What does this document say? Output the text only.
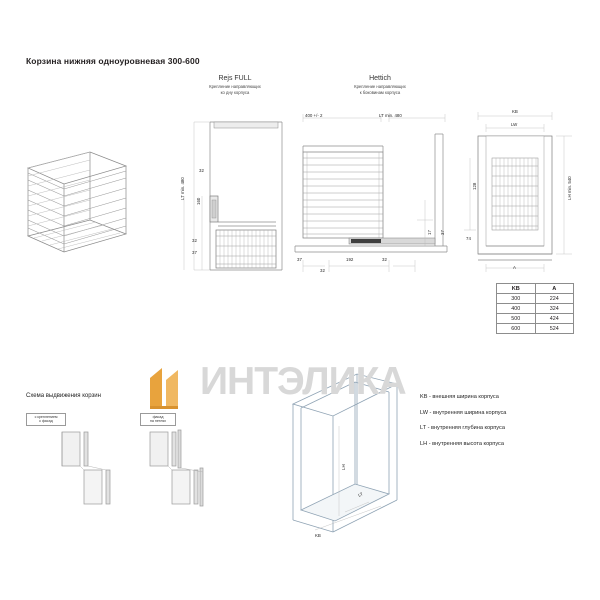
Корзина нижняя одноуровневая 300-600
Rejs FULL
Крепление направляющих
ко дну корпуса
Hettich
Крепление направляющих
к боковинам корпуса
LT min. 480
160
32
32
37
400 +/- 2	LT min. 480
37	192	32
32
17 37
KB
LW
LH min. 540
128
74
A
KB	A
300	224
400	324
500	424
600	524
Схема выдвижения корзин
с креплением
к фасад
фасад
на петлях
LH
LT
KB
KB - внешняя ширина корпуса
LW - внутренняя ширина корпуса
LT - внутренняя глубина корпуса
LH - внутренняя высота корпуса
ИНТЭЛИКА
